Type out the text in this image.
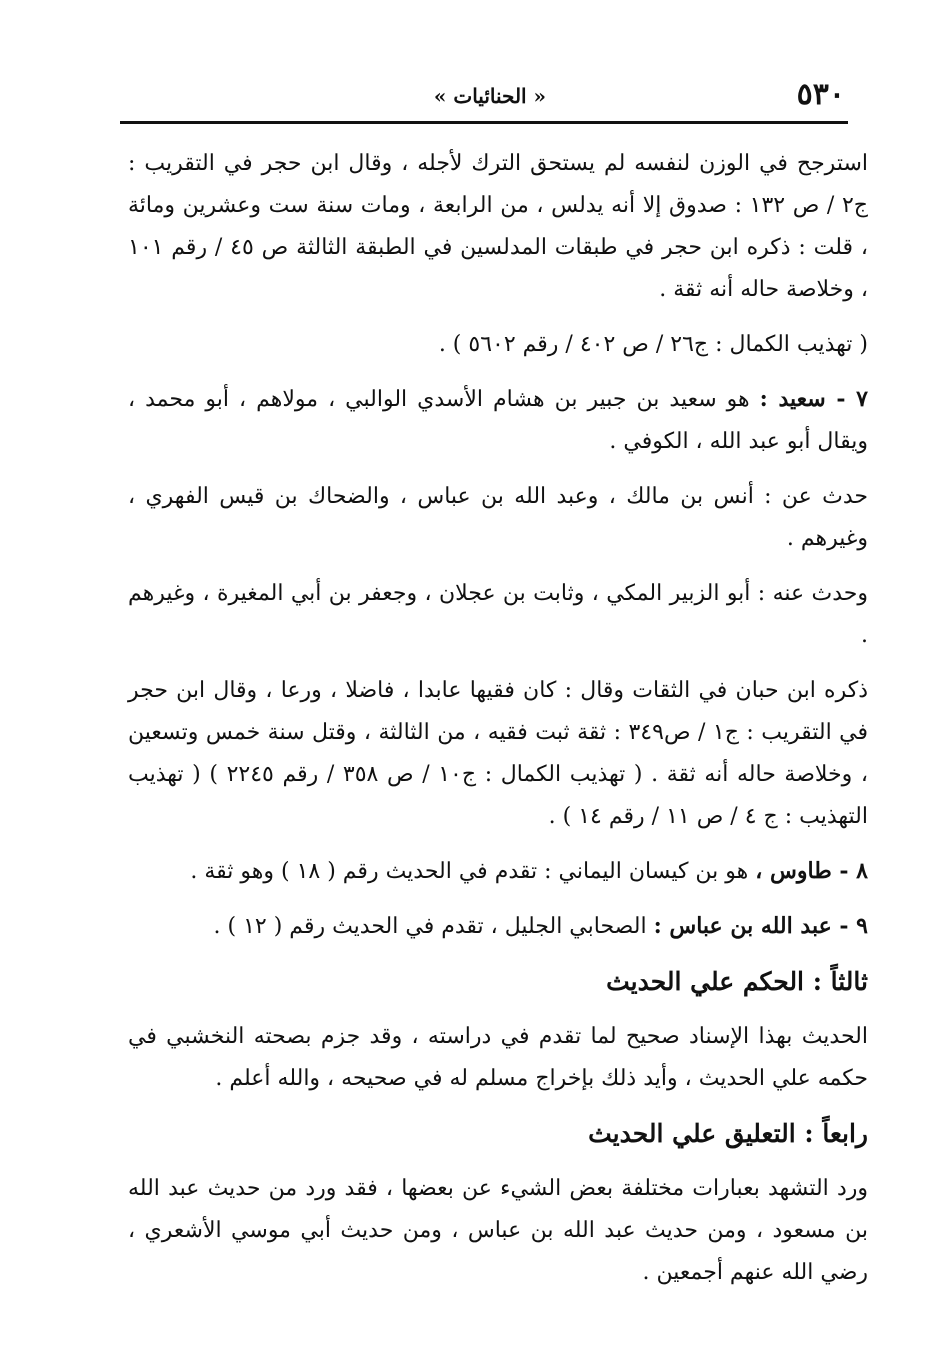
٥٣٠
« الحنائيات »

استرجح في الوزن لنفسه لم يستحق الترك لأجله ، وقال ابن حجر في التقريب : ج٢ / ص ١٣٢ : صدوق إلا أنه يدلس ، من الرابعة ، ومات سنة ست وعشرين ومائة ، قلت : ذكره ابن حجر في طبقات المدلسين في الطبقة الثالثة ص ٤٥ / رقم ١٠١ ، وخلاصة حاله أنه ثقة .

( تهذيب الكمال : ج٢٦ / ص ٤٠٢ / رقم ٥٦٠٢ ) .

٧ - سعيد : هو سعيد بن جبير بن هشام الأسدي الوالبي ، مولاهم ، أبو محمد ، ويقال أبو عبد الله ، الكوفي .

حدث عن : أنس بن مالك ، وعبد الله بن عباس ، والضحاك بن قيس الفهري ، وغيرهم .

وحدث عنه : أبو الزبير المكي ، وثابت بن عجلان ، وجعفر بن أبي المغيرة ، وغيرهم .

ذكره ابن حبان في الثقات وقال : كان فقيها عابدا ، فاضلا ، ورعا ، وقال ابن حجر في التقريب : ج١ / ص٣٤٩ : ثقة ثبت فقيه ، من الثالثة ، وقتل سنة خمس وتسعين ، وخلاصة حاله أنه ثقة . ( تهذيب الكمال : ج١٠ / ص ٣٥٨ / رقم ٢٢٤٥ ) ( تهذيب التهذيب : ج ٤ / ص ١١ / رقم ١٤ ) .

٨ - طاوس ، هو بن كيسان اليماني : تقدم في الحديث رقم ( ١٨ ) وهو ثقة .

٩ - عبد الله بن عباس : الصحابي الجليل ، تقدم في الحديث رقم ( ١٢ ) .

ثالثاً : الحكم علي الحديث

الحديث بهذا الإسناد صحيح لما تقدم في دراسته ، وقد جزم بصحته النخشبي في حكمه علي الحديث ، وأيد ذلك بإخراج مسلم له في صحيحه ، والله أعلم .

رابعاً : التعليق علي الحديث

ورد التشهد بعبارات مختلفة بعض الشيء عن بعضها ، فقد ورد من حديث عبد الله بن مسعود ، ومن حديث عبد الله بن عباس ، ومن حديث أبي موسي الأشعري ، رضي الله عنهم أجمعين .
